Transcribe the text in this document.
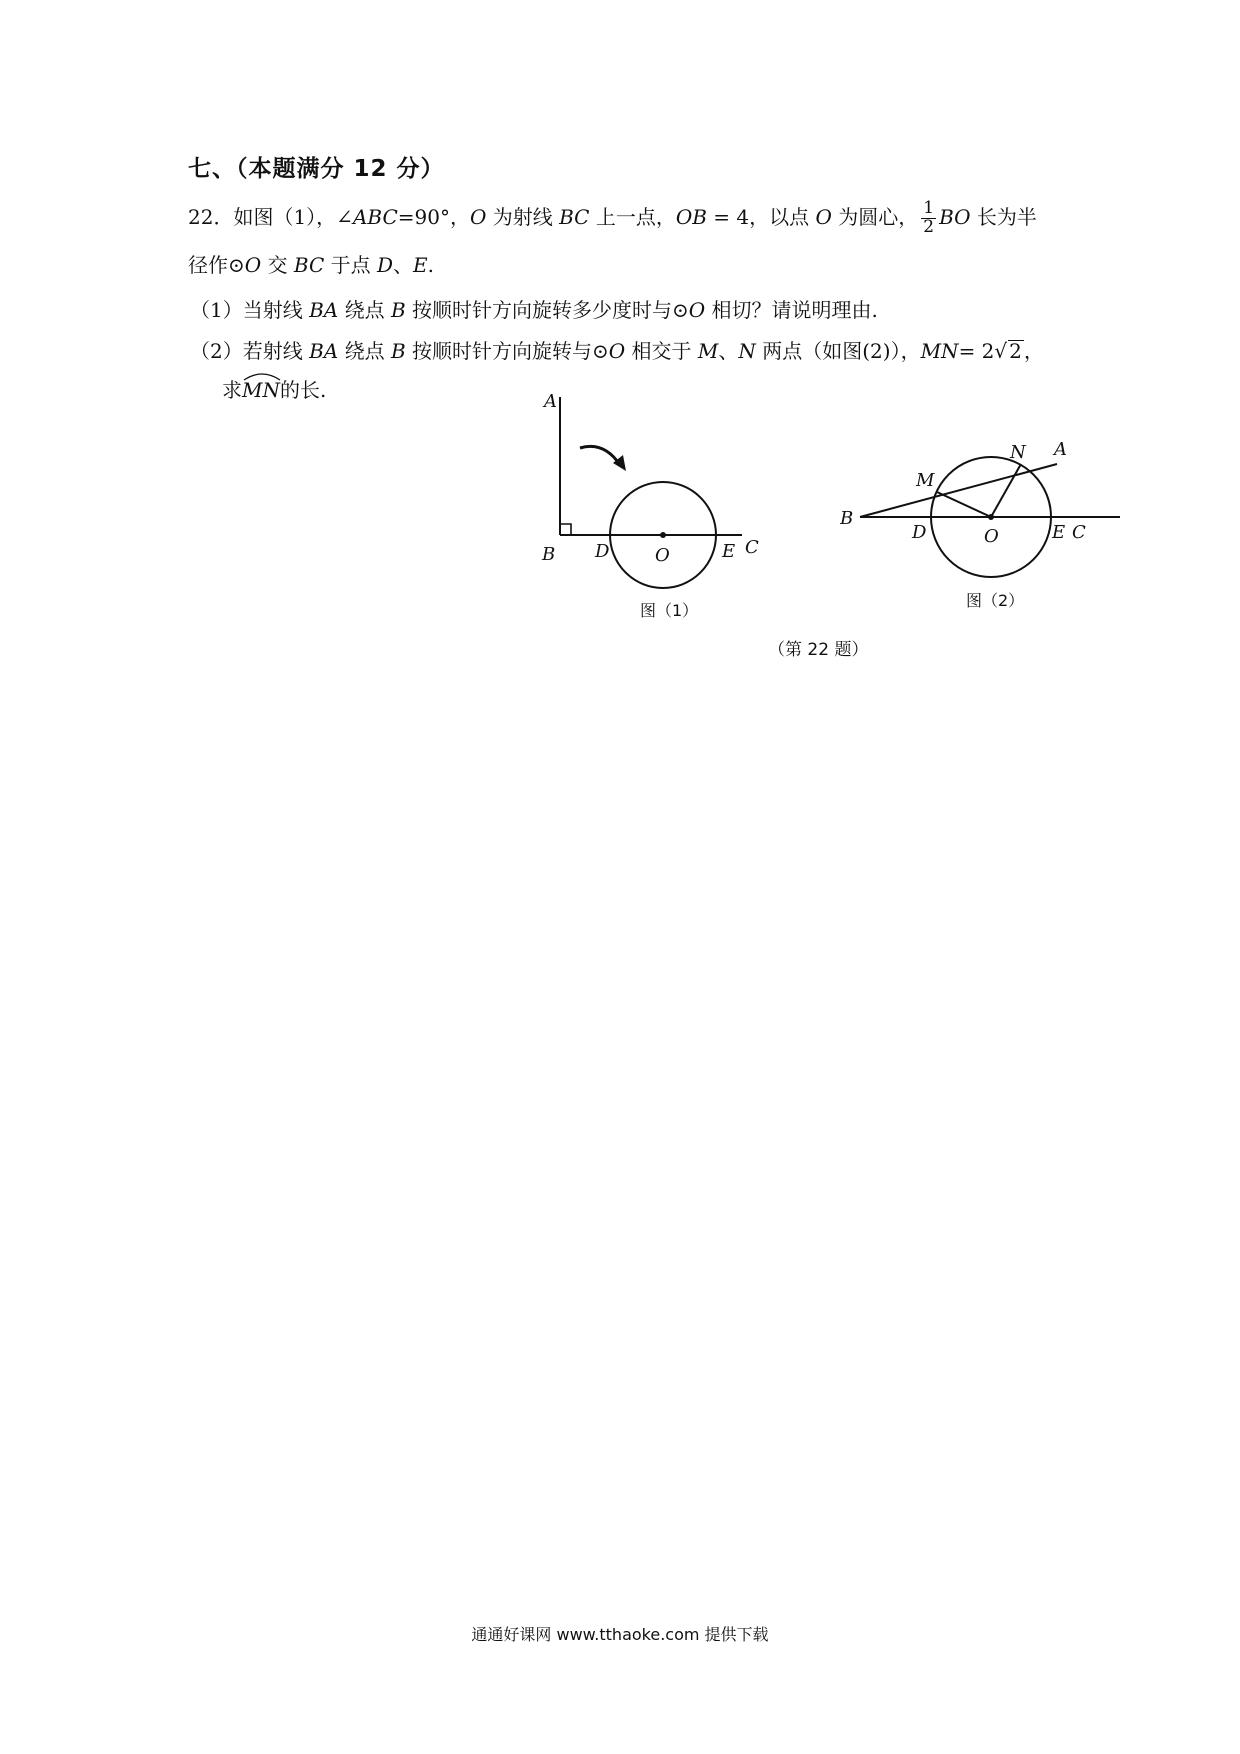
七、（本题满分 12 分）
22．如图（1），∠ABC=90°，O 为射线 BC 上一点，OB = 4，以点 O 为圆心， $\frac{1}{2}$ BO 长为半
径作⊙O 交 BC 于点 D、E.
（1）当射线 BA 绕点 B 按顺时针方向旋转多少度时与⊙O 相切？请说明理由.
（2）若射线 BA 绕点 B 按顺时针方向旋转与⊙O 相交于 M、N 两点（如图(2)），MN= 2√ 2 ，
求
MN的长.	A
B D	O	E C
图（1）
B
M
N A
D	O	E C
图（2）
（第 22 题）
通通好课网 www.tthaoke.com 提供下载
